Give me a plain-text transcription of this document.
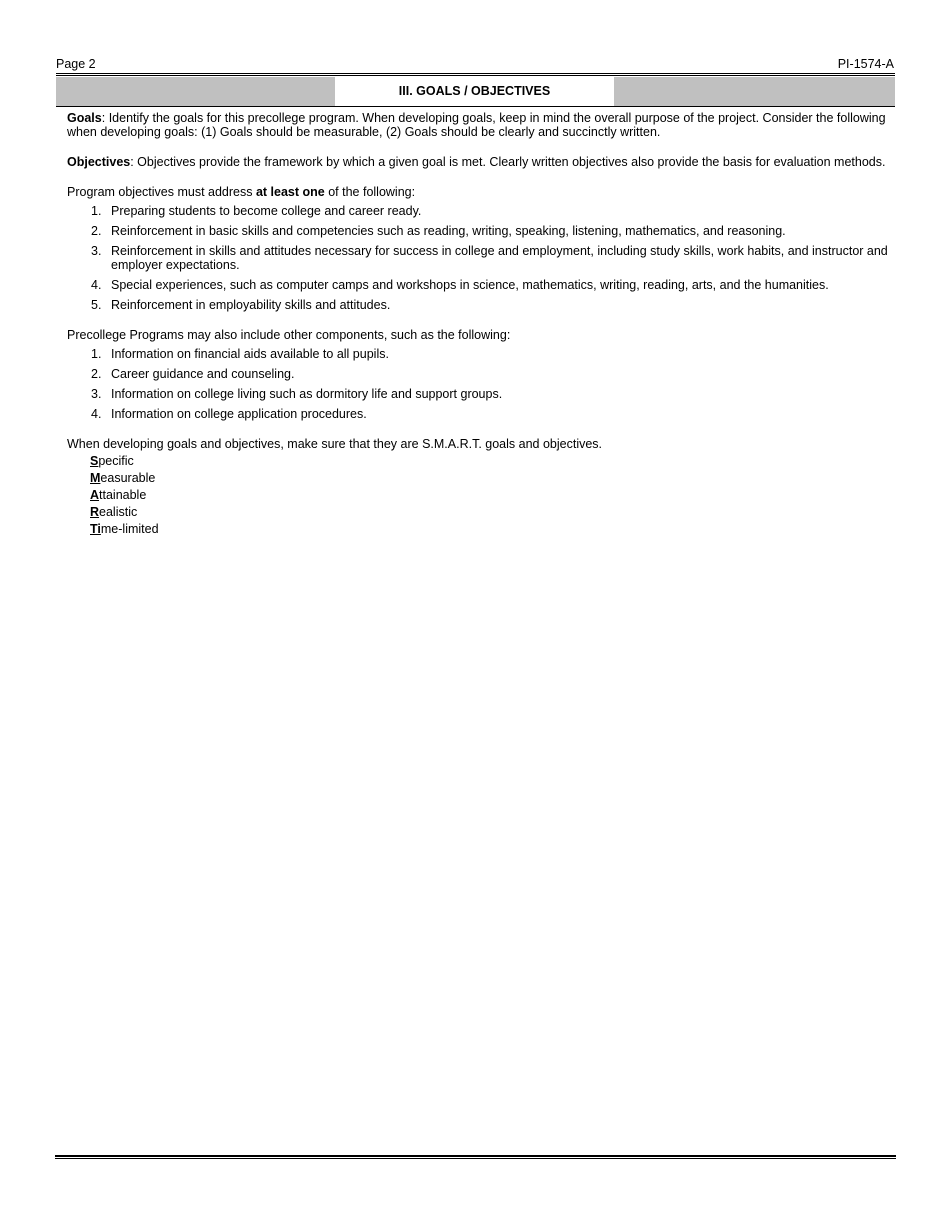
Page 2	PI-1574-A
III. GOALS / OBJECTIVES

Goals: Identify the goals for this precollege program. When developing goals, keep in mind the overall purpose of the project. Consider the following when developing goals: (1) Goals should be measurable, (2) Goals should be clearly and succinctly written.

Objectives: Objectives provide the framework by which a given goal is met. Clearly written objectives also provide the basis for evaluation methods.

Program objectives must address at least one of the following:

1. Preparing students to become college and career ready.
2. Reinforcement in basic skills and competencies such as reading, writing, speaking, listening, mathematics, and reasoning.
3. Reinforcement in skills and attitudes necessary for success in college and employment, including study skills, work habits, and instructor and employer expectations.
4. Special experiences, such as computer camps and workshops in science, mathematics, writing, reading, arts, and the humanities.
5. Reinforcement in employability skills and attitudes.

Precollege Programs may also include other components, such as the following:

1. Information on financial aids available to all pupils.
2. Career guidance and counseling.
3. Information on college living such as dormitory life and support groups.
4. Information on college application procedures.

When developing goals and objectives, make sure that they are S.M.A.R.T. goals and objectives.

Specific
Measurable
Attainable
Realistic
Time-limited
